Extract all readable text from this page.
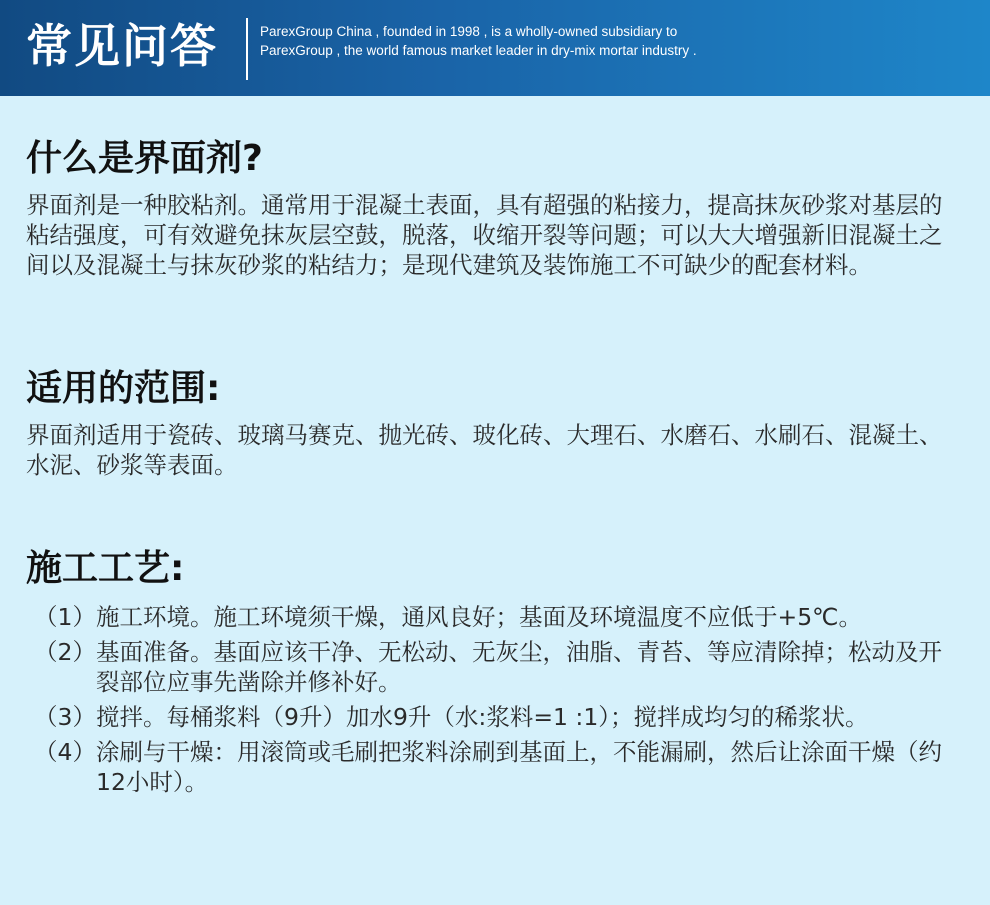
常见问答	ParexGroup China , founded in 1998 , is a wholly-owned subsidiary to ParexGroup , the world famous market leader in dry-mix mortar industry .
什么是界面剂?
界面剂是一种胶粘剂。通常用于混凝土表面，具有超强的粘接力，提高抹灰砂浆对基层的粘结强度，可有效避免抹灰层空鼓，脱落，收缩开裂等问题；可以大大增强新旧混凝土之间以及混凝土与抹灰砂浆的粘结力；是现代建筑及装饰施工不可缺少的配套材料。
适用的范围:
界面剂适用于瓷砖、玻璃马赛克、抛光砖、玻化砖、大理石、水磨石、水刷石、混凝土、水泥、砂浆等表面。
施工工艺:
（1） 施工环境。施工环境须干燥，通风良好；基面及环境温度不应低于+5℃。
（2） 基面准备。基面应该干净、无松动、无灰尘，油脂、青苔、等应清除掉；松动及开裂部位应事先凿除并修补好。
（3） 搅拌。每桶浆料（9升）加水9升（水:浆料=1 :1）；搅拌成均匀的稀浆状。
（4） 涂刷与干燥：用滚筒或毛刷把浆料涂刷到基面上，不能漏刷，然后让涂面干燥（约12小时）。
